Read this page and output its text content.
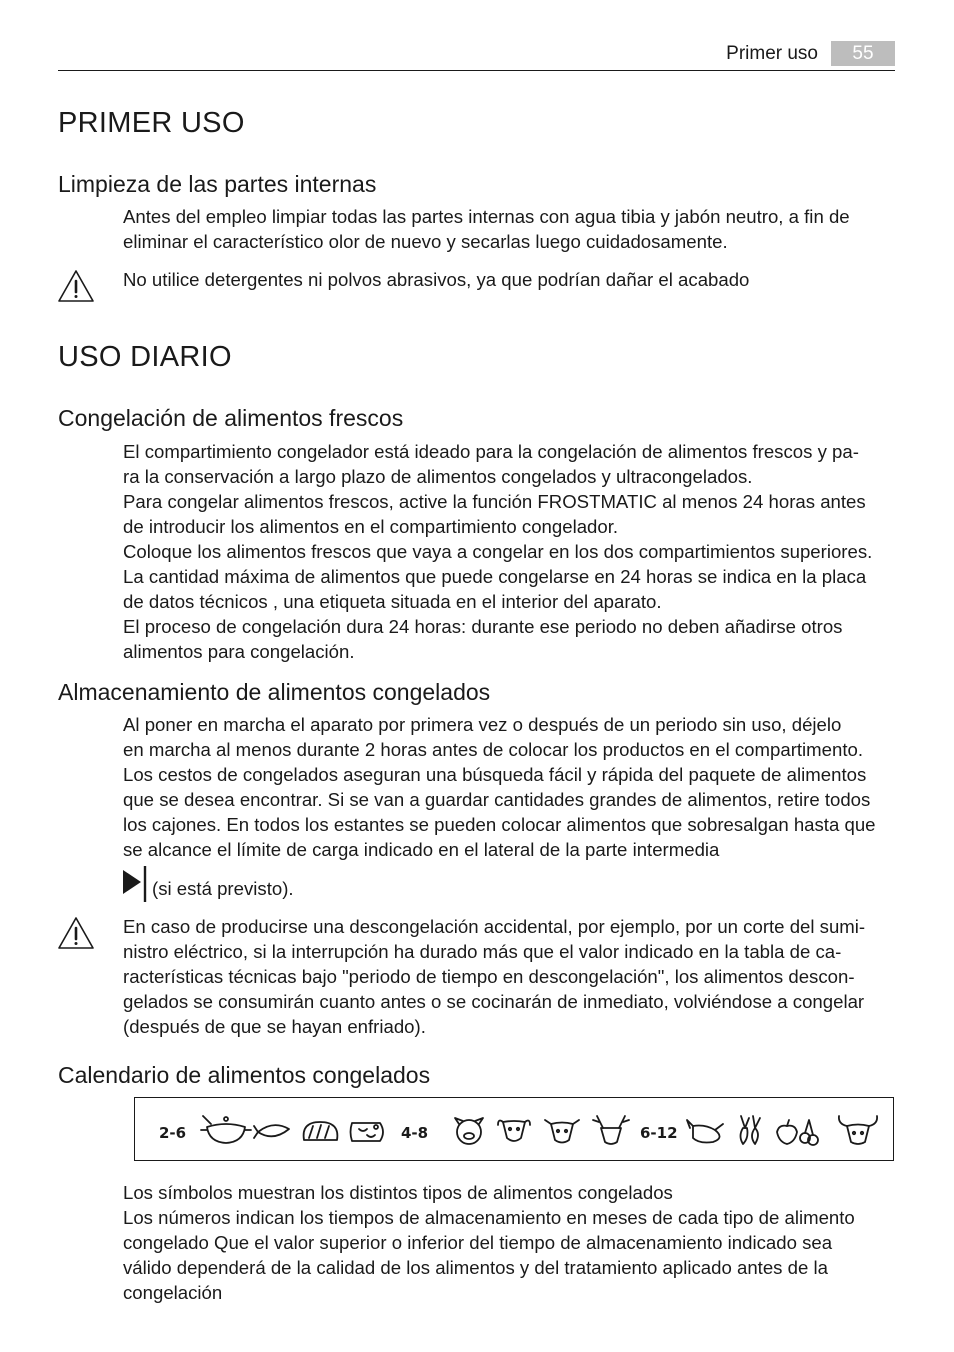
Primer uso	55
PRIMER USO
Limpieza de las partes internas

Antes del empleo limpiar todas las partes internas con agua tibia y jabón neutro, a fin de
eliminar el característico olor de nuevo y secarlas luego cuidadosamente.

No utilice detergentes ni polvos abrasivos, ya que podrían dañar el acabado

USO DIARIO
Congelación de alimentos frescos

El compartimiento congelador está ideado para la congelación de alimentos frescos y pa-
ra la conservación a largo plazo de alimentos congelados y ultracongelados.
Para congelar alimentos frescos, active la función FROSTMATIC al menos 24 horas antes
de introducir los alimentos en el compartimiento congelador.
Coloque los alimentos frescos que vaya a congelar en los dos compartimientos superiores.
La cantidad máxima de alimentos que puede congelarse en 24 horas se indica en la placa
de datos técnicos , una etiqueta situada en el interior del aparato.
El proceso de congelación dura 24 horas: durante ese periodo no deben añadirse otros
alimentos para congelación.

Almacenamiento de alimentos congelados

Al poner en marcha el aparato por primera vez o después de un periodo sin uso, déjelo
en marcha al menos durante 2 horas antes de colocar los productos en el compartimento.
Los cestos de congelados aseguran una búsqueda fácil y rápida del paquete de alimentos
que se desea encontrar. Si se van a guardar cantidades grandes de alimentos, retire todos
los cajones. En todos los estantes se pueden colocar alimentos que sobresalgan hasta que
se alcance el límite de carga indicado en el lateral de la parte intermedia

(si está previsto).

En caso de producirse una descongelación accidental, por ejemplo, por un corte del sumi-
nistro eléctrico, si la interrupción ha durado más que el valor indicado en la tabla de ca-
racterísticas técnicas bajo "periodo de tiempo en descongelación", los alimentos descon-
gelados se consumirán cuanto antes o se cocinarán de inmediato, volviéndose a congelar
(después de que se hayan enfriado).

Calendario de alimentos congelados
2-6	4-8	6-12

Los símbolos muestran los distintos tipos de alimentos congelados
Los números indican los tiempos de almacenamiento en meses de cada tipo de alimento
congelado Que el valor superior o inferior del tiempo de almacenamiento indicado sea
válido dependerá de la calidad de los alimentos y del tratamiento aplicado antes de la
congelación
